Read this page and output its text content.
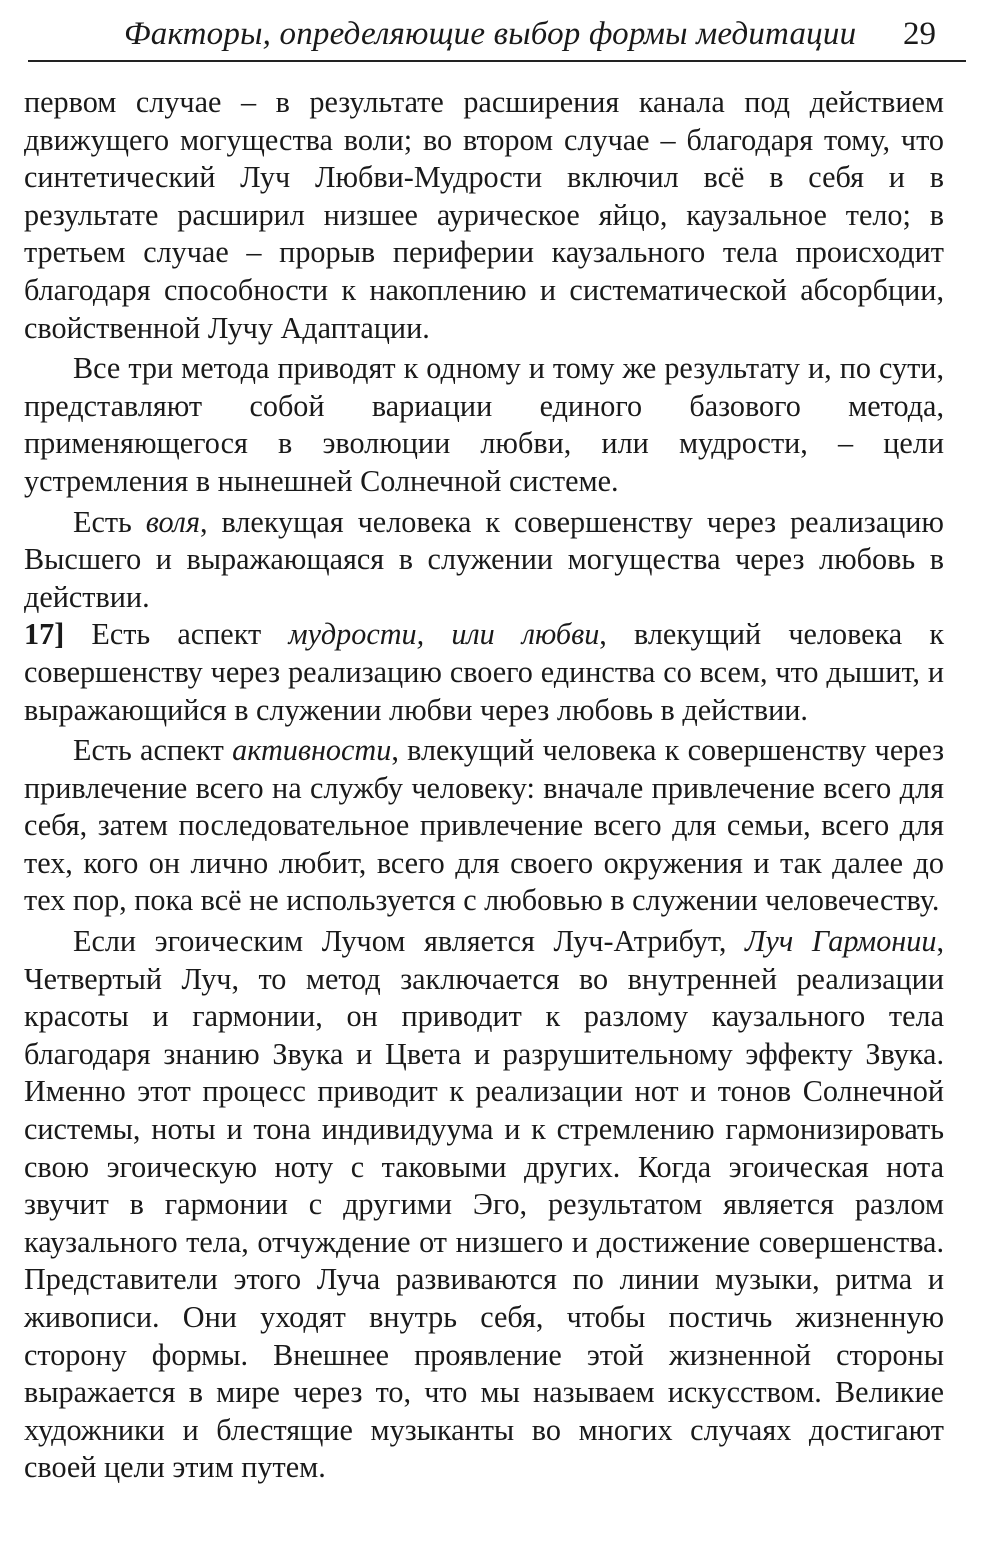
Факторы, определяющие выбор формы медитации 29

первом случае – в результате расширения канала под действием движущего могущества воли; во втором случае – благодаря тому, что синтетический Луч Любви-Мудрости включил всё в себя и в результате расширил низшее аурическое яйцо, каузальное тело; в третьем случае – прорыв периферии каузального тела происходит благодаря способности к накоплению и систематической абсорбции, свойственной Лучу Адаптации.

Все три метода приводят к одному и тому же результату и, по сути, представляют собой вариации единого базового метода, применяющегося в эволюции любви, или мудрости, – цели устремления в нынешней Солнечной системе.

Есть воля, влекущая человека к совершенству через реализацию Высшего и выражающаяся в служении могущества через любовь в действии.

17] Есть аспект мудрости, или любви, влекущий человека к совершенству через реализацию своего единства со всем, что дышит, и выражающийся в служении любви через любовь в действии.

Есть аспект активности, влекущий человека к совершенству через привлечение всего на службу человеку: вначале привлечение всего для себя, затем последовательное привлечение всего для семьи, всего для тех, кого он лично любит, всего для своего окружения и так далее до тех пор, пока всё не используется с любовью в служении человечеству.

Если эгоическим Лучом является Луч-Атрибут, Луч Гармонии, Четвертый Луч, то метод заключается во внутренней реализации красоты и гармонии, он приводит к разлому каузального тела благодаря знанию Звука и Цвета и разрушительному эффекту Звука. Именно этот процесс приводит к реализации нот и тонов Солнечной системы, ноты и тона индивидуума и к стремлению гармонизировать свою эгоическую ноту с таковыми других. Когда эгоическая нота звучит в гармонии с другими Эго, результатом является разлом каузального тела, отчуждение от низшего и достижение совершенства. Представители этого Луча развиваются по линии музыки, ритма и живописи. Они уходят внутрь себя, чтобы постичь жизненную сторону формы. Внешнее проявление этой жизненной стороны выражается в мире через то, что мы называем искусством. Великие художники и блестящие музыканты во многих случаях достигают своей цели этим путем.
